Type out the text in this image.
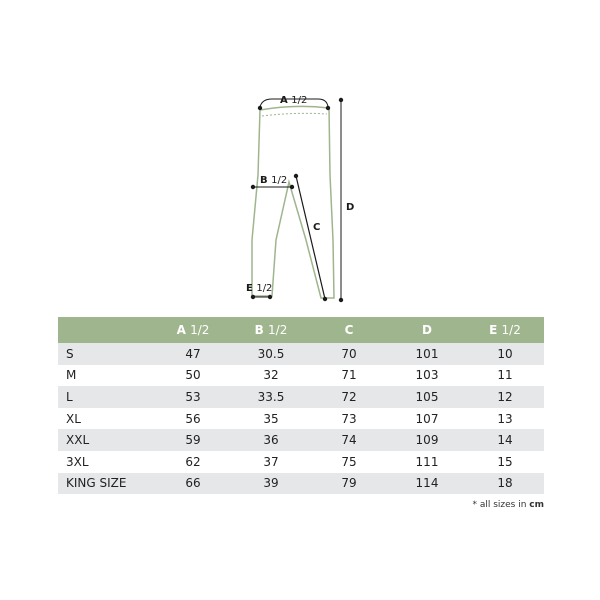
A 1/2
B 1/2
C
D
E 1/2
	A 1/2	B 1/2	C	D	E 1/2
S	47	30.5	70	101	10
M	50	32	71	103	11
L	53	33.5	72	105	12
XL	56	35	73	107	13
XXL	59	36	74	109	14
3XL	62	37	75	111	15
KING SIZE	66	39	79	114	18
* all sizes in cm
